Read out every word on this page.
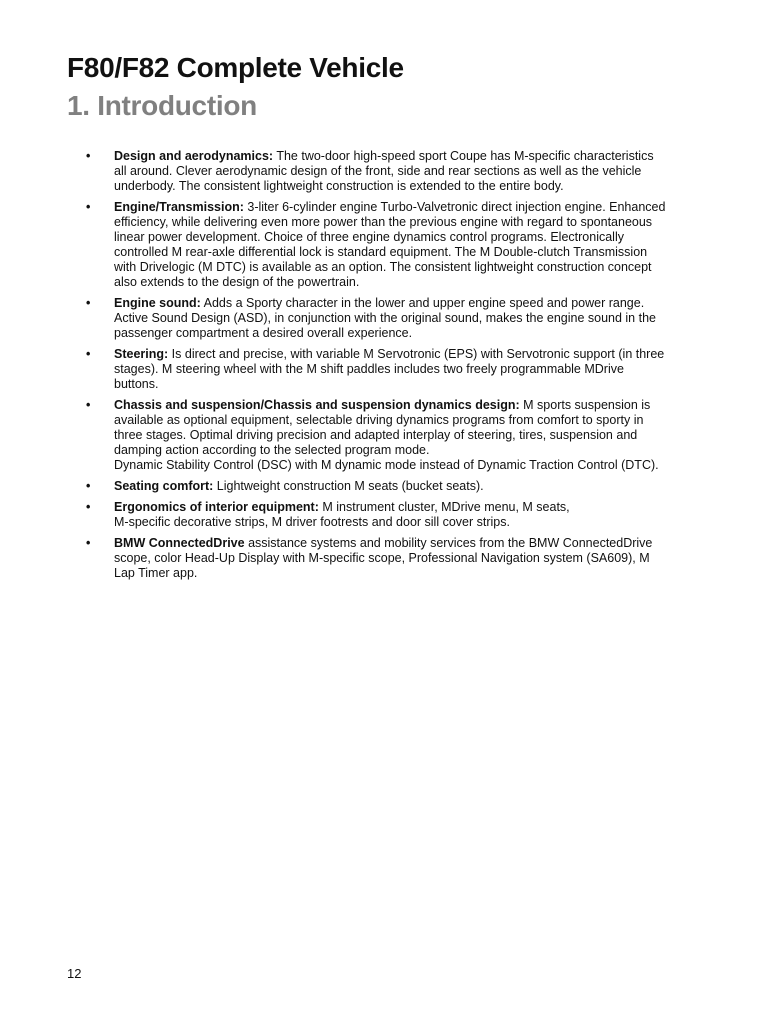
F80/F82 Complete Vehicle
1. Introduction
• Design and aerodynamics: The two-door high-speed sport Coupe has M-specific characteristics all around. Clever aerodynamic design of the front, side and rear sections as well as the vehicle underbody. The consistent lightweight construction is extended to the entire body.
• Engine/Transmission: 3-liter 6-cylinder engine Turbo-Valvetronic direct injection engine. Enhanced efficiency, while delivering even more power than the previous engine with regard to spontaneous linear power development. Choice of three engine dynamics control programs. Electronically controlled M rear-axle differential lock is standard equipment. The M Double-clutch Transmission with Drivelogic (M DTC) is available as an option. The consistent lightweight construction concept also extends to the design of the powertrain.
• Engine sound: Adds a Sporty character in the lower and upper engine speed and power range. Active Sound Design (ASD), in conjunction with the original sound, makes the engine sound in the passenger compartment a desired overall experience.
• Steering: Is direct and precise, with variable M Servotronic (EPS) with Servotronic support (in three stages). M steering wheel with the M shift paddles includes two freely programmable MDrive buttons.
• Chassis and suspension/Chassis and suspension dynamics design: M sports suspension is available as optional equipment, selectable driving dynamics programs from comfort to sporty in three stages. Optimal driving precision and adapted interplay of steering, tires, suspension and damping action according to the selected program mode.
Dynamic Stability Control (DSC) with M dynamic mode instead of Dynamic Traction Control (DTC).
• Seating comfort: Lightweight construction M seats (bucket seats).
• Ergonomics of interior equipment: M instrument cluster, MDrive menu, M seats,
M-specific decorative strips, M driver footrests and door sill cover strips.
• BMW ConnectedDrive assistance systems and mobility services from the BMW ConnectedDrive scope, color Head-Up Display with M-specific scope, Professional Navigation system (SA609), M Lap Timer app.
12
